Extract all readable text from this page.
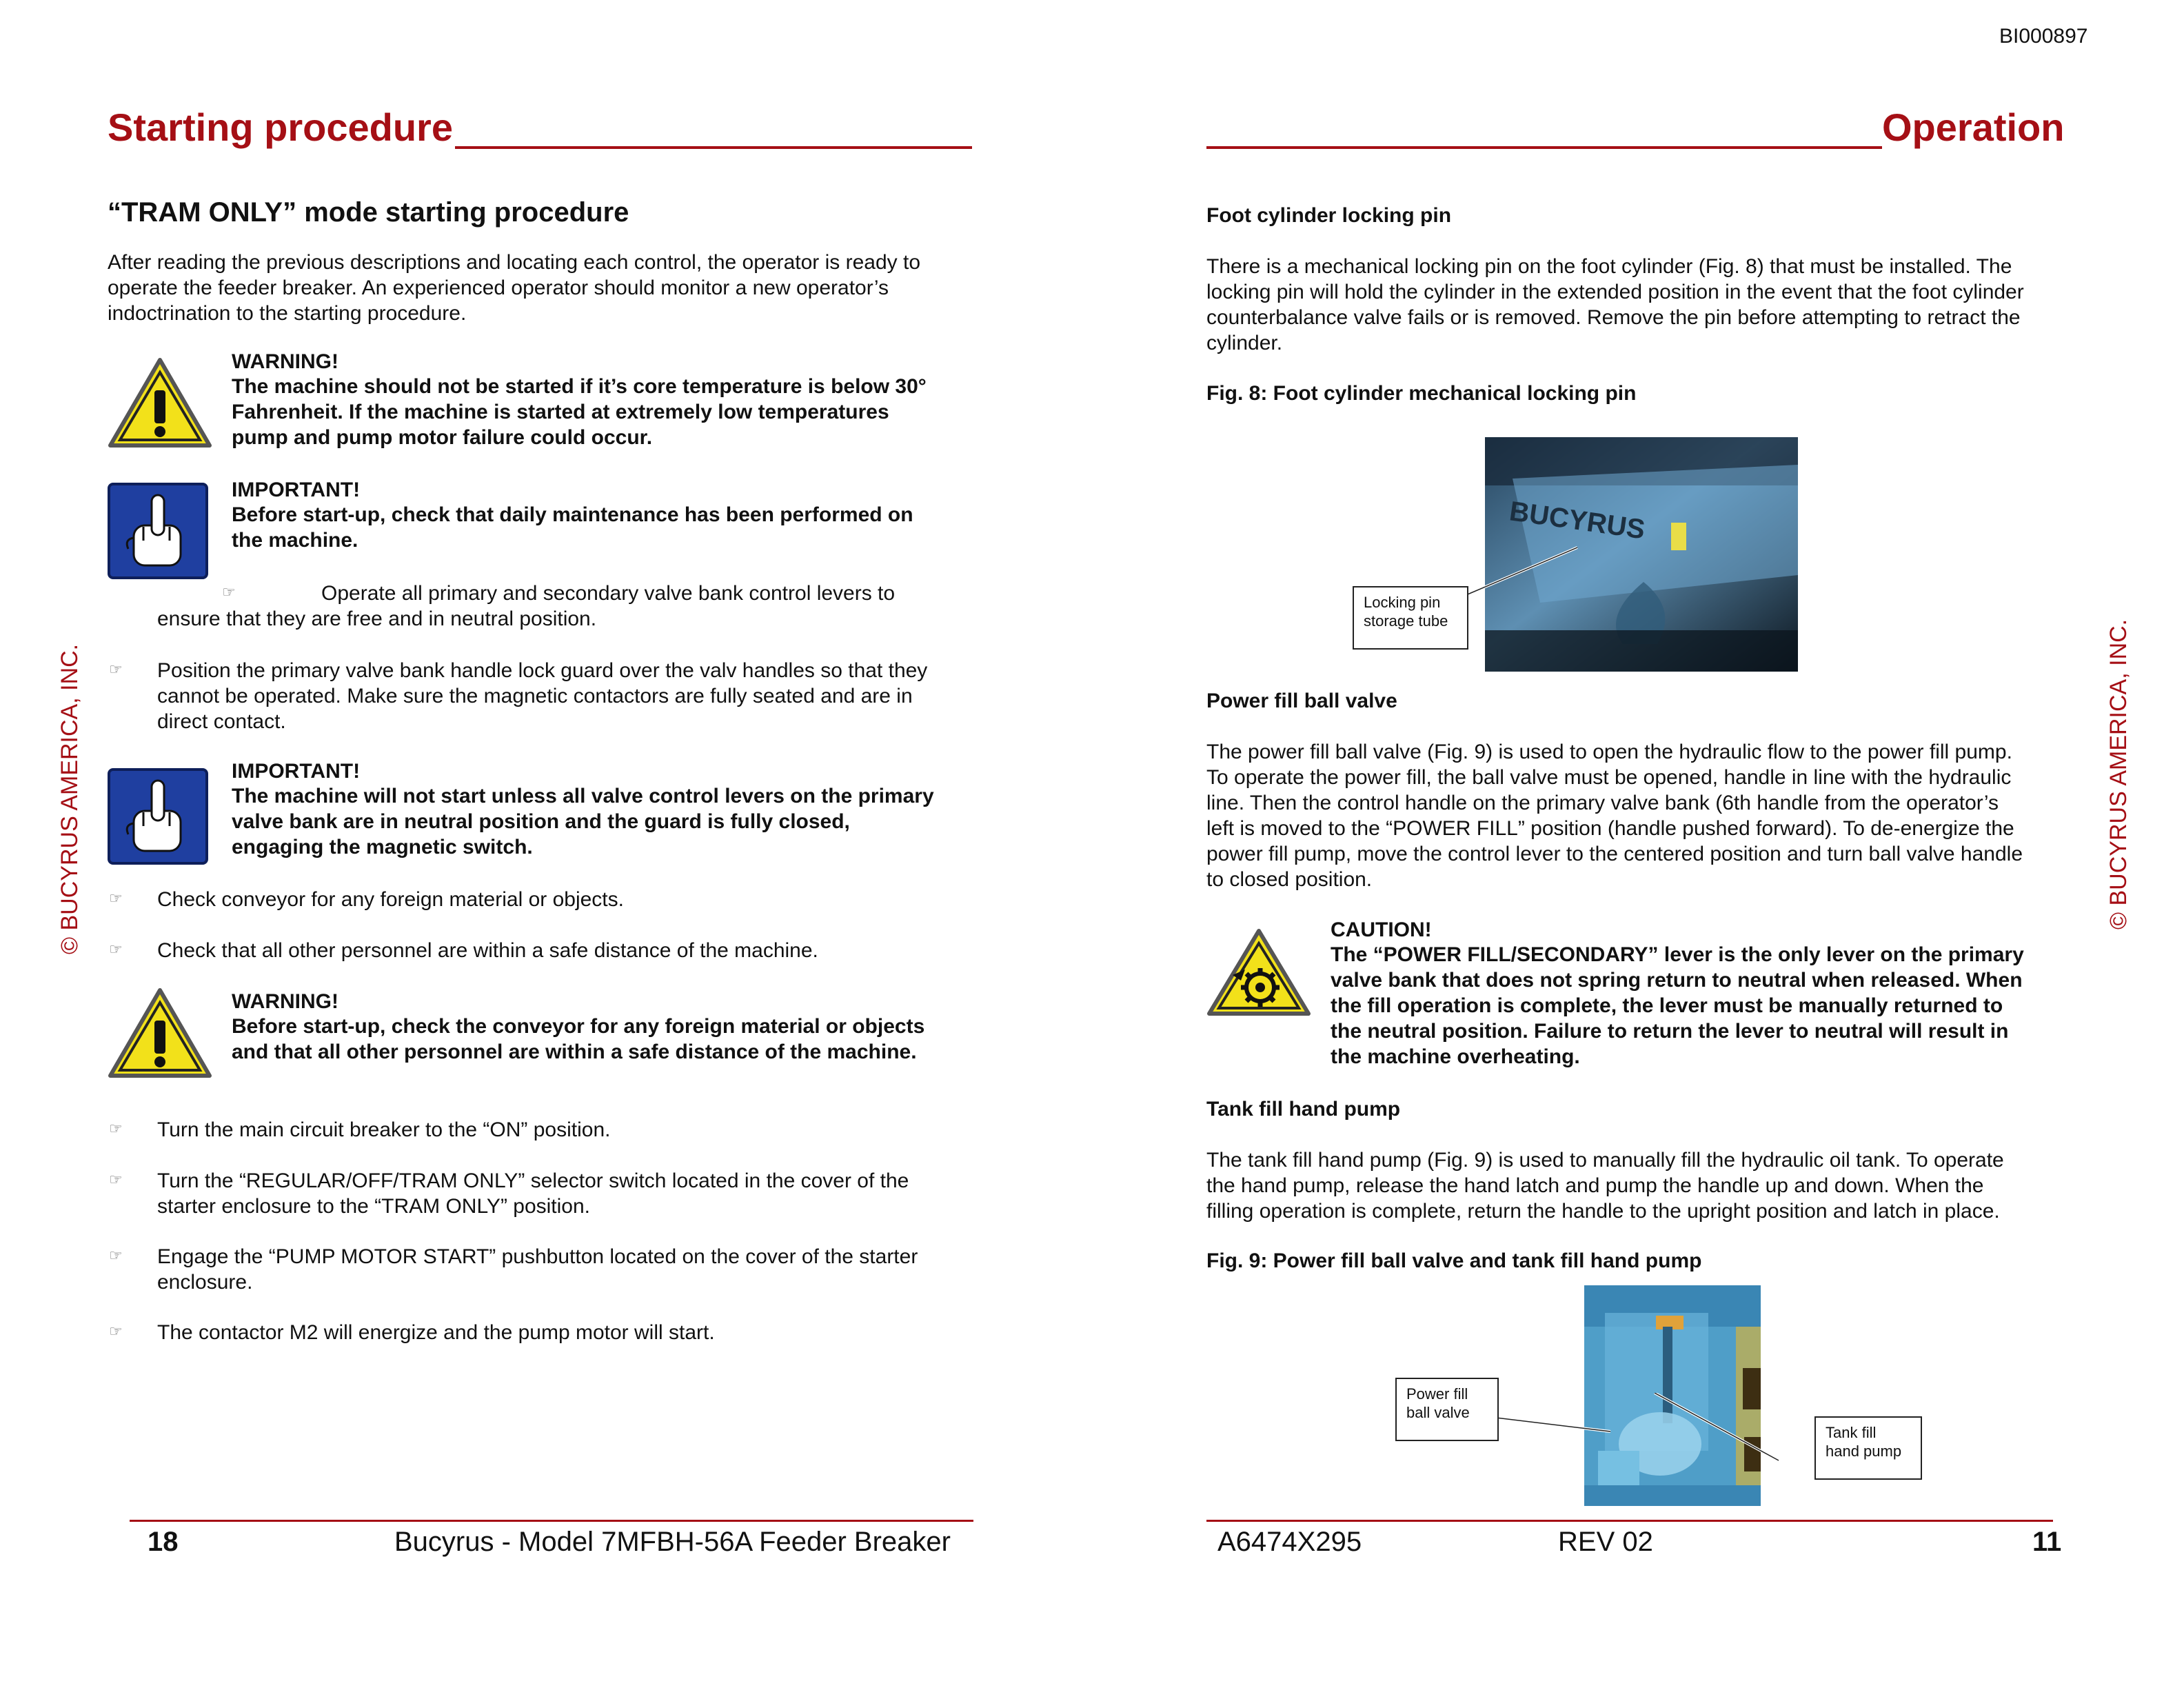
BI000897
Starting procedure
“TRAM ONLY” mode starting procedure
After reading the previous descriptions and locating each control, the operator is ready to
operate the feeder breaker. An experienced operator should monitor a new operator’s
indoctrination to the starting procedure.
WARNING!
The machine should not be started if it’s core temperature is below 30°
Fahrenheit. If the machine is started at extremely low temperatures
pump and pump motor failure could occur.
IMPORTANT!
Before start-up, check that daily maintenance has been performed on
the machine.
☞	Operate all primary and secondary valve bank control levers to
ensure that they are free and in neutral position.
☞ Position the primary valve bank handle lock guard over the valv handles so that they
cannot be operated. Make sure the magnetic contactors are fully seated and are in
direct contact.
IMPORTANT!
The machine will not start unless all valve control levers on the primary
valve bank are in neutral position and the guard is fully closed,
engaging the magnetic switch.
☞ Check conveyor for any foreign material or objects.
☞ Check that all other personnel are within a safe distance of the machine.
WARNING!
Before start-up, check the conveyor for any foreign material or objects
and that all other personnel are within a safe distance of the machine.
☞ Turn the main circuit breaker to the “ON” position.
☞ Turn the “REGULAR/OFF/TRAM ONLY” selector switch located in the cover of the
starter enclosure to the “TRAM ONLY” position.
☞ Engage the “PUMP MOTOR START” pushbutton located on the cover of the starter
enclosure.
☞ The contactor M2 will energize and the pump motor will start.
© BUCYRUS AMERICA, INC.
18	Bucyrus - Model 7MFBH-56A Feeder Breaker
Operation
Foot cylinder locking pin
There is a mechanical locking pin on the foot cylinder (Fig. 8) that must be installed. The
locking pin will hold the cylinder in the extended position in the event that the foot cylinder
counterbalance valve fails or is removed. Remove the pin before attempting to retract the
cylinder.
Fig. 8: Foot cylinder mechanical locking pin
BUCYRUS
Locking pin
storage tube
Power fill ball valve
The power fill ball valve (Fig. 9) is used to open the hydraulic flow to the power fill pump.
To operate the power fill, the ball valve must be opened, handle in line with the hydraulic
line. Then the control handle on the primary valve bank (6th handle from the operator’s
left is moved to the “POWER FILL” position (handle pushed forward). To de-energize the
power fill pump, move the control lever to the centered position and turn ball valve handle
to closed position.
CAUTION!
The “POWER FILL/SECONDARY” lever is the only lever on the primary
valve bank that does not spring return to neutral when released. When
the fill operation is complete, the lever must be manually returned to
the neutral position. Failure to return the lever to neutral will result in
the machine overheating.
Tank fill hand pump
The tank fill hand pump (Fig. 9) is used to manually fill the hydraulic oil tank. To operate
the hand pump, release the hand latch and pump the handle up and down. When the
filling operation is complete, return the handle to the upright position and latch in place.
Fig. 9: Power fill ball valve and tank fill hand pump
Power fill
ball valve
Tank fill
hand pump
© BUCYRUS AMERICA, INC.
A6474X295	REV 02	11
